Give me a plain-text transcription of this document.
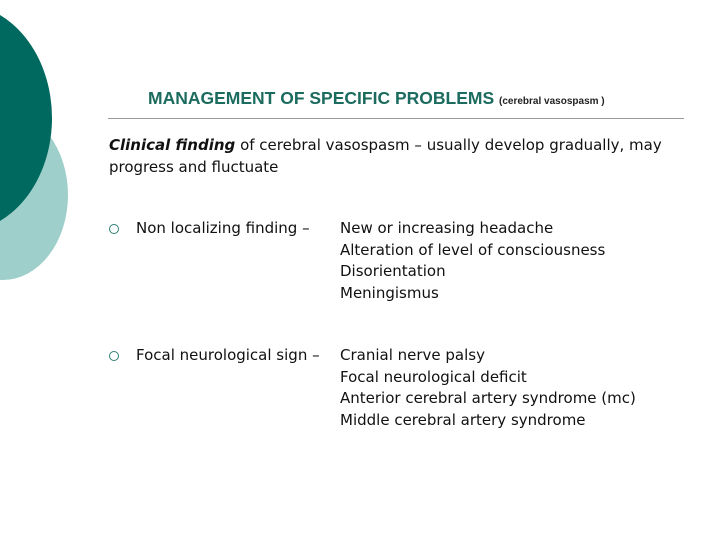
MANAGEMENT OF SPECIFIC PROBLEMS (cerebral vasospasm )

Clinical finding of cerebral vasospasm – usually develop gradually, may progress and fluctuate

Non localizing finding – New or increasing headache
Alteration of level of consciousness
Disorientation
Meningismus
Focal neurological sign – Cranial nerve palsy
Focal neurological deficit
Anterior cerebral artery syndrome (mc)
Middle cerebral artery syndrome
